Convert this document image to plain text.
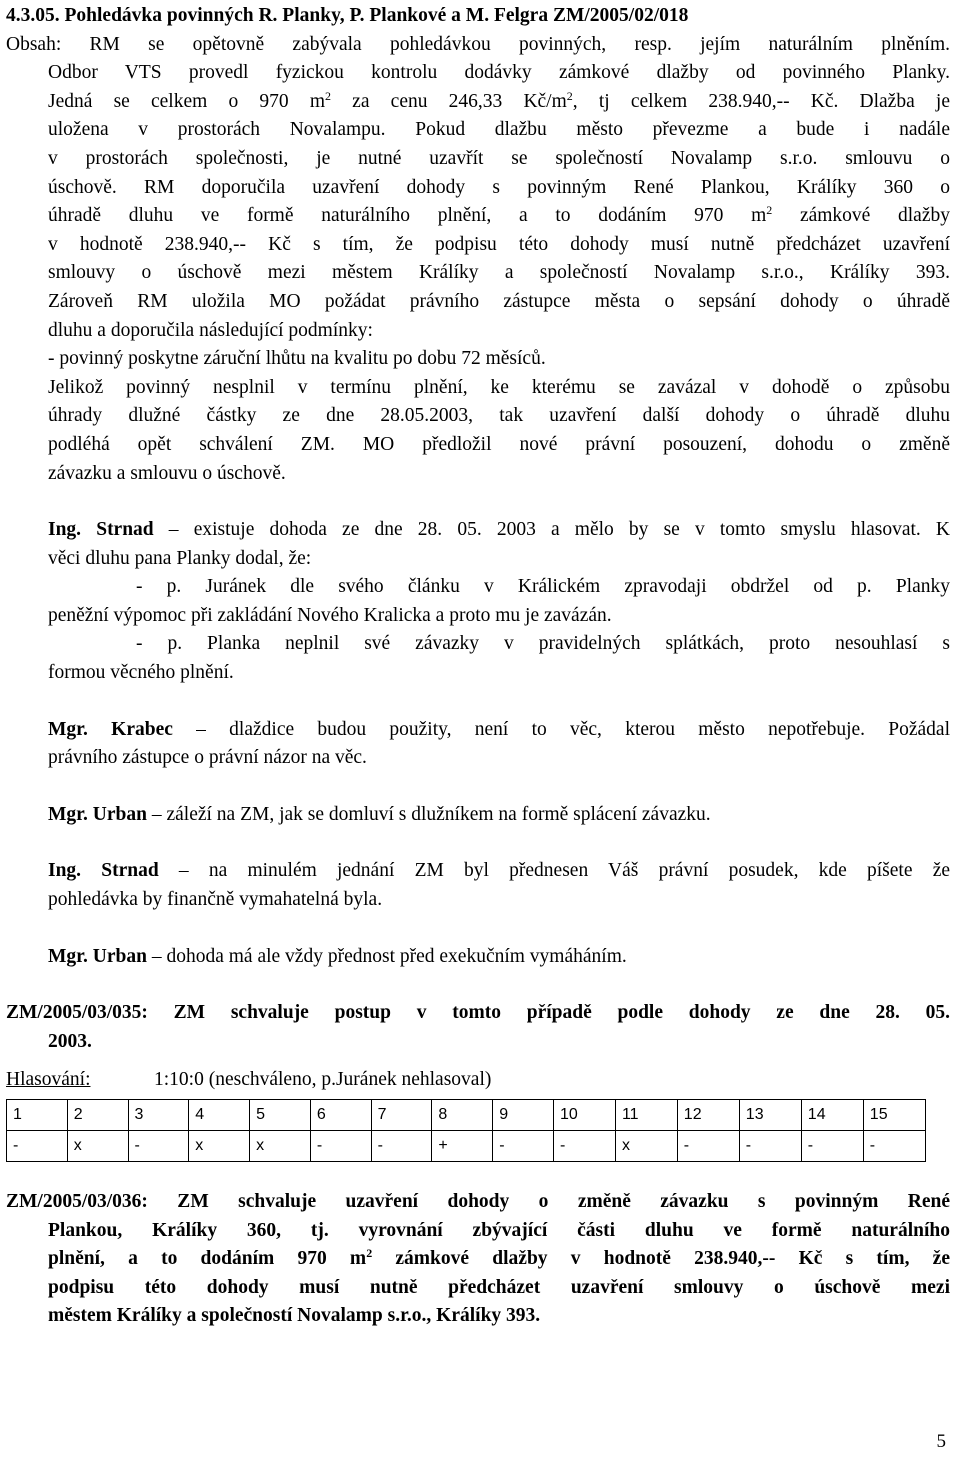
4.3.05. Pohledávka povinných R. Planky, P. Plankové a M. Felgra ZM/2005/02/018

Obsah: RM se opětovně zabývala pohledávkou povinných, resp. jejím naturálním plněním.

Odbor VTS provedl fyzickou kontrolu dodávky zámkové dlažby od povinného Planky.

Jedná se celkem o 970 $m^2$ za cenu 246,33 $Kč/m^2$, tj celkem 238.940,-- Kč. Dlažba je

uložena v prostorách Novalampu. Pokud dlažbu město převezme a bude i nadále

v prostorách společnosti, je nutné uzavřít se společností Novalamp s.r.o. smlouvu o

úschově. RM doporučila uzavření dohody s povinným René Plankou, Králíky 360 o

úhradě dluhu ve formě naturálního plnění, a to dodáním 970 $m^2$ zámkové dlažby

v hodnotě 238.940,-- Kč s tím, že podpisu této dohody musí nutně předcházet uzavření

smlouvy o úschově mezi městem Králíky a společností Novalamp s.r.o., Králíky 393.

Zároveň RM uložila MO požádat právního zástupce města o sepsání dohody o úhradě

dluhu a doporučila následující podmínky:

- povinný poskytne záruční lhůtu na kvalitu po dobu 72 měsíců.

Jelikož povinný nesplnil v termínu plnění, ke kterému se zavázal v dohodě o způsobu

úhrady dlužné částky ze dne 28.05.2003, tak uzavření další dohody o úhradě dluhu

podléhá opět schválení ZM. MO předložil nové právní posouzení, dohodu o změně

závazku a smlouvu o úschově.

Ing. Strnad – existuje dohoda ze dne 28. 05. 2003 a mělo by se v tomto smyslu hlasovat. K

věci dluhu pana Planky dodal, že:

- p. Juránek dle svého článku v Králickém zpravodaji obdržel od p. Planky

peněžní výpomoc při zakládání Nového Kralicka a proto mu je zavázán.

- p. Planka neplnil své závazky v pravidelných splátkách, proto nesouhlasí s

formou věcného plnění.

Mgr. Krabec – dlaždice budou použity, není to věc, kterou město nepotřebuje. Požádal

právního zástupce o právní názor na věc.

Mgr. Urban – záleží na ZM, jak se domluví s dlužníkem na formě splácení závazku.

Ing. Strnad – na minulém jednání ZM byl přednesen Váš právní posudek, kde píšete že

pohledávka by finančně vymahatelná byla.

Mgr. Urban – dohoda má ale vždy přednost před exekučním vymáháním.

ZM/2005/03/035: ZM schvaluje postup v tomto případě podle dohody ze dne 28. 05.

2003.

Hlasování:	1:10:0 (neschváleno, p.Juránek nehlasoval)
1	2	3	4	5	6	7	8	9	10	11	12	13	14	15
-	x	-	x	x	-	-	+	-	-	x	-	-	-	-

ZM/2005/03/036: ZM schvaluje uzavření dohody o změně závazku s povinným René

Plankou, Králíky 360, tj. vyrovnání zbývající části dluhu ve formě naturálního

plnění, a to dodáním 970 $m^2$ zámkové dlažby v hodnotě 238.940,-- Kč s tím, že

podpisu této dohody musí nutně předcházet uzavření smlouvy o úschově mezi

městem Králíky a společností Novalamp s.r.o., Králíky 393.

5
